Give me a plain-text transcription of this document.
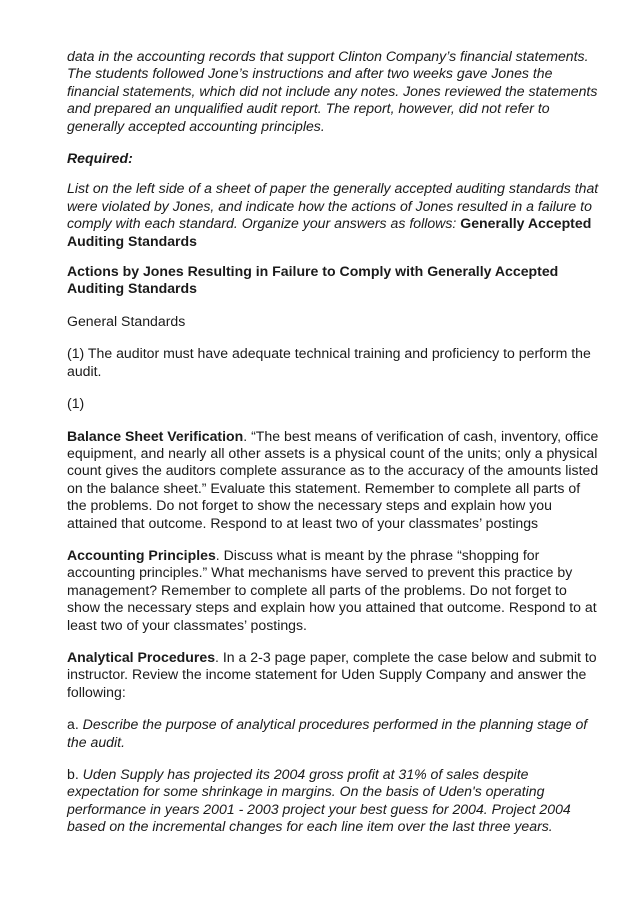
data in the accounting records that support Clinton Company’s financial statements. The students followed Jone’s instructions and after two weeks gave Jones the financial statements, which did not include any notes. Jones reviewed the statements and prepared an unqualified audit report. The report, however, did not refer to generally accepted accounting principles.

Required:

List on the left side of a sheet of paper the generally accepted auditing standards that were violated by Jones, and indicate how the actions of Jones resulted in a failure to comply with each standard. Organize your answers as follows: Generally Accepted Auditing Standards

Actions by Jones Resulting in Failure to Comply with Generally Accepted Auditing Standards

General Standards

(1) The auditor must have adequate technical training and proficiency to perform the audit.

(1)

Balance Sheet Verification. “The best means of verification of cash, inventory, office equipment, and nearly all other assets is a physical count of the units; only a physical count gives the auditors complete assurance as to the accuracy of the amounts listed on the balance sheet.” Evaluate this statement. Remember to complete all parts of the problems. Do not forget to show the necessary steps and explain how you attained that outcome. Respond to at least two of your classmates’ postings

Accounting Principles. Discuss what is meant by the phrase “shopping for accounting principles.” What mechanisms have served to prevent this practice by management? Remember to complete all parts of the problems. Do not forget to show the necessary steps and explain how you attained that outcome. Respond to at least two of your classmates’ postings.

Analytical Procedures. In a 2-3 page paper, complete the case below and submit to instructor. Review the income statement for Uden Supply Company and answer the following:

a. Describe the purpose of analytical procedures performed in the planning stage of the audit.

b. Uden Supply has projected its 2004 gross profit at 31% of sales despite expectation for some shrinkage in margins. On the basis of Uden's operating performance in years 2001 - 2003 project your best guess for 2004. Project 2004 based on the incremental changes for each line item over the last three years.
